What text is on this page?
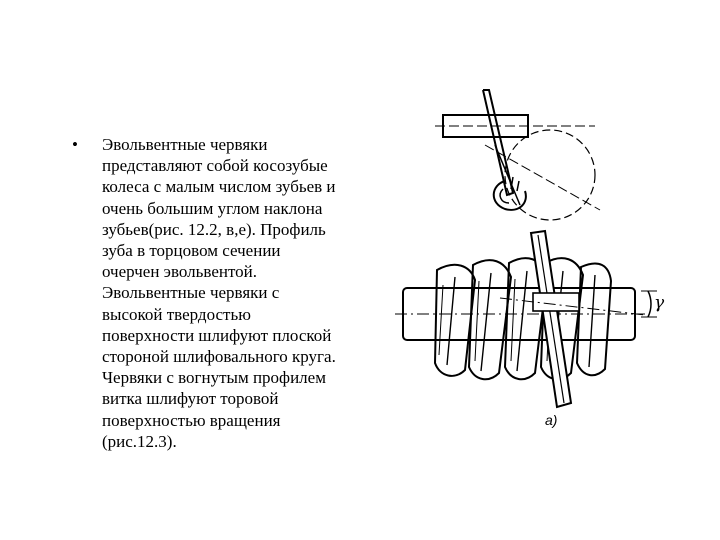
• Эвольвентные червяки
представляют собой косозубые
колеса с малым числом зубьев и
очень большим углом наклона
зубьев(рис. 12.2, в,е). Профиль
зуба в торцовом сечении
очерчен эвольвентой.
Эвольвентные червяки с
высокой твердостью
поверхности шлифуют плоской
стороной шлифовального круга.
Червяки с вогнутым профилем
витка шлифуют торовой
поверхностью вращения
(рис.12.3).
γ
а)
